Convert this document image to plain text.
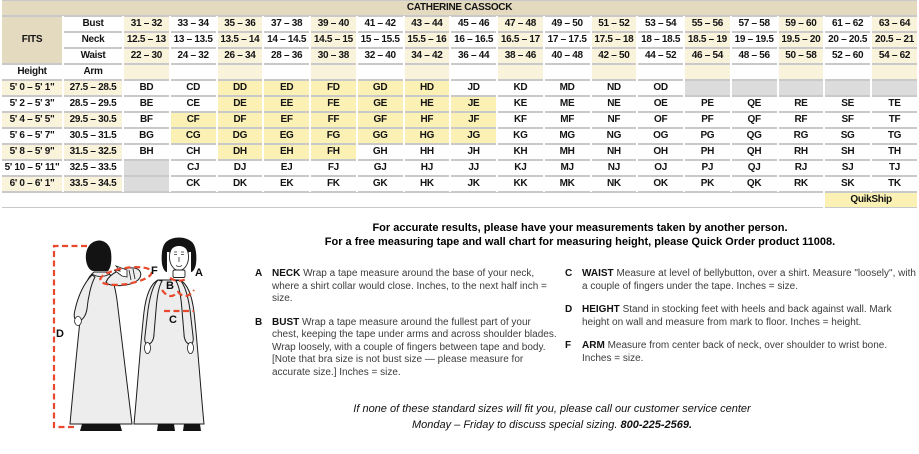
CATHERINE CASSOCK																		
FITS	Bust	31 – 32	33 – 34	35 – 36	37 – 38	39 – 40	41 – 42	43 – 44	45 – 46	47 – 48	49 – 50	51 – 52	53 – 54	55 – 56	57 – 58	59 – 60	61 – 62	63 – 64
	Neck	12.5 – 13	13 – 13.5	13.5 – 14	14 – 14.5	14.5 – 15	15 – 15.5	15.5 – 16	16 – 16.5	16.5 – 17	17 – 17.5	17.5 – 18	18 – 18.5	18.5 – 19	19 – 19.5	19.5 – 20	20 – 20.5	20.5 – 21
	Waist	22 – 30	24 – 32	26 – 34	28 – 36	30 – 38	32 – 40	34 – 42	36 – 44	38 – 46	40 – 48	42 – 50	44 – 52	46 – 54	48 – 56	50 – 58	52 – 60	54 – 62
Height	Arm																	
5' 0 – 5' 1"	27.5 – 28.5	BD	CD	DD	ED	FD	GD	HD	JD	KD	MD	ND	OD					
5' 2 – 5' 3"	28.5 – 29.5	BE	CE	DE	EE	FE	GE	HE	JE	KE	ME	NE	OE	PE	QE	RE	SE	TE
5' 4 – 5' 5"	29.5 – 30.5	BF	CF	DF	EF	FF	GF	HF	JF	KF	MF	NF	OF	PF	QF	RF	SF	TF
5' 6 – 5' 7"	30.5 – 31.5	BG	CG	DG	EG	FG	GG	HG	JG	KG	MG	NG	OG	PG	QG	RG	SG	TG
5' 8 – 5' 9"	31.5 – 32.5	BH	CH	DH	EH	FH	GH	HH	JH	KH	MH	NH	OH	PH	QH	RH	SH	TH
5' 10 – 5' 11"	32.5 – 33.5		CJ	DJ	EJ	FJ	GJ	HJ	JJ	KJ	MJ	NJ	OJ	PJ	QJ	RJ	SJ	TJ
6' 0 – 6' 1"	33.5 – 34.5		CK	DK	EK	FK	GK	HK	JK	KK	MK	NK	OK	PK	QK	RK	SK	TK
																	QuikShip	
For accurate results, please have your measurements taken by another person.
For a free measuring tape and wall chart for measuring height, please Quick Order product 11008.
D
F	A
B
C
A NECK Wrap a tape measure around the base of your neck, where a shirt collar would close. Inches, to the next half inch = size.
B BUST Wrap a tape measure around the fullest part of your chest, keeping the tape under arms and across shoulder blades. Wrap loosely, with a couple of fingers between tape and body. [Note that bra size is not bust size — please measure for accurate size.] Inches = size.
C WAIST Measure at level of bellybutton, over a shirt. Measure "loosely", with a couple of fingers under the tape. Inches = size.
D HEIGHT Stand in stocking feet with heels and back against wall. Mark height on wall and measure from mark to floor. Inches = height.
F	ARM Measure from center back of neck, over shoulder to wrist bone. Inches = size.
If none of these standard sizes will fit you, please call our customer service center
Monday – Friday to discuss special sizing. 800-225-2569.
